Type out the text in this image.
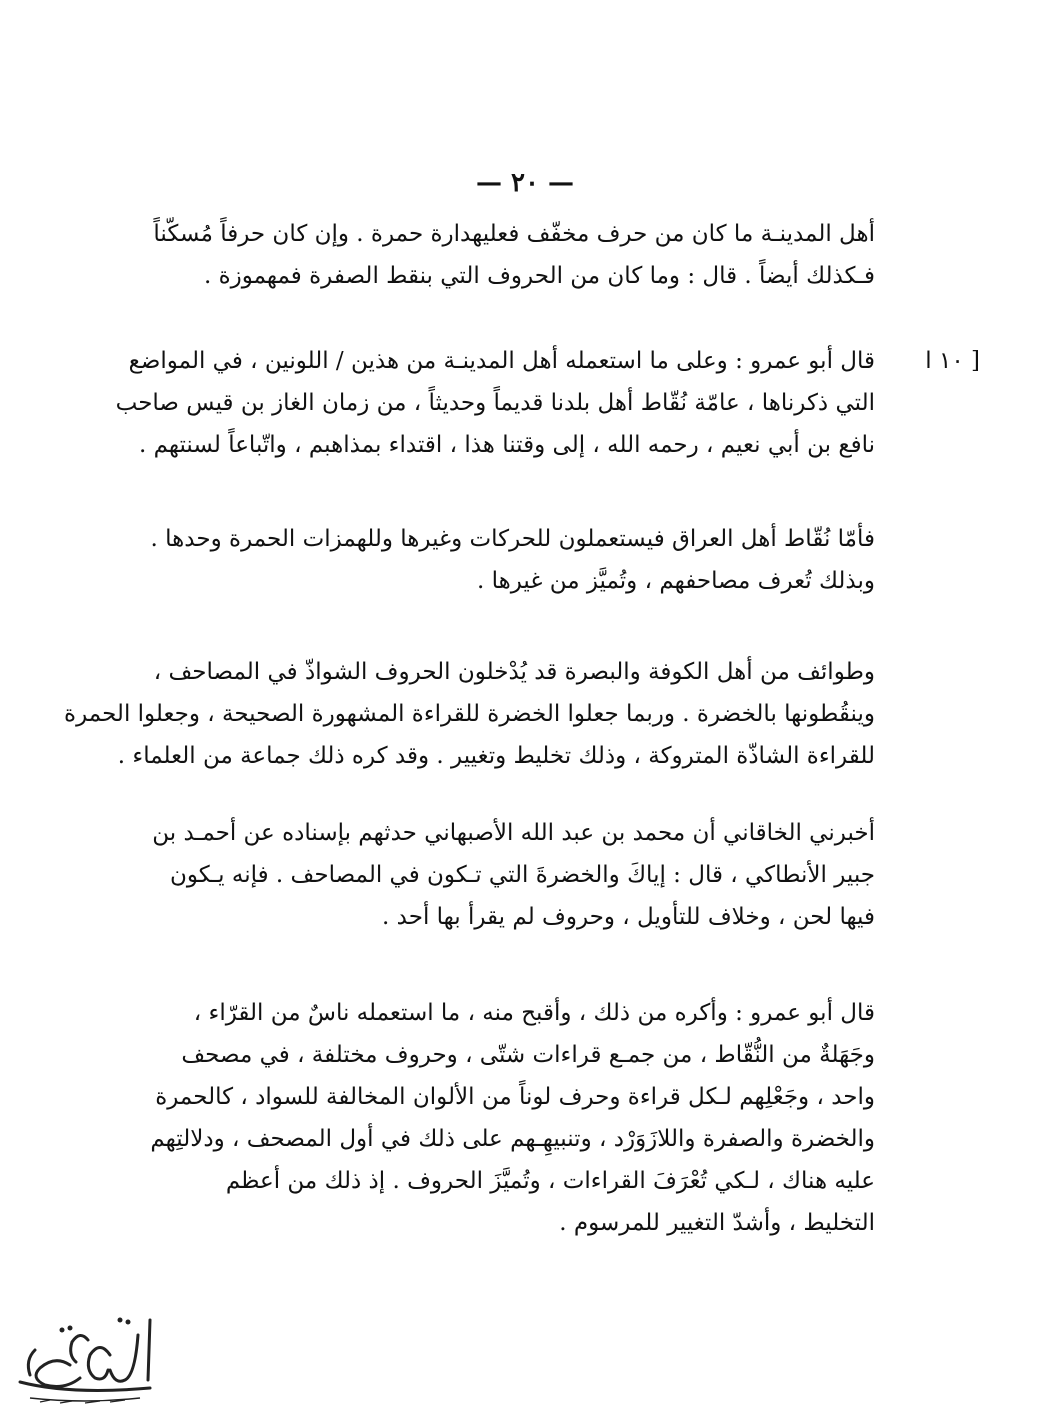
— ٢٠ —
[ ١٠ ا
أهل المدينـة ما كان من حرف مخفّف فعليهدارة حمرة . وإن كان حرفاً مُسكّناً
فـكذلك أيضاً . قال : وما كان من الحروف التي بنقط الصفرة فمهموزة .
قال أبو عمرو : وعلى ما استعمله أهل المدينـة من هذين / اللونين ، في المواضع
التي ذكرناها ، عامّة نُقّاط أهل بلدنا قديماً وحديثاً ، من زمان الغاز بن قيس صاحب
نافع بن أبي نعيم ، رحمه الله ، إلى وقتنا هذا ، اقتداء بمذاهبم ، واتّباعاً لسنتهم .
فأمّا نُقّاط أهل العراق فيستعملون للحركات وغيرها وللهمزات الحمرة وحدها .
وبذلك تُعرف مصاحفهم ، وتُميَّز من غيرها .
وطوائف من أهل الكوفة والبصرة قد يُدْخلون الحروف الشواذّ في المصاحف ،
وينقُطونها بالخضرة . وربما جعلوا الخضرة للقراءة المشهورة الصحيحة ، وجعلوا الحمرة
للقراءة الشاذّة المتروكة ، وذلك تخليط وتغيير . وقد كره ذلك جماعة من العلماء .
أخبرني الخاقاني أن محمد بن عبد الله الأصبهاني حدثهم بإسناده عن أحمـد بن
جبير الأنطاكي ، قال : إياكَ والخضرةَ التي تـكون في المصاحف . فإنه يـكون
فيها لحن ، وخلاف للتأويل ، وحروف لم يقرأ بها أحد .
قال أبو عمرو : وأكره من ذلك ، وأقبح منه ، ما استعمله ناسٌ من القرّاء ،
وجَهَلةٌ من النُّقّاط ، من جمـع قراءات شتّى ، وحروف مختلفة ، في مصحف
واحد ، وجَعْلِهم لـكل قراءة وحرف لوناً من الألوان المخالفة للسواد ، كالحمرة
والخضرة والصفرة واللازَوَرْد ، وتنبيهِـهم على ذلك في أول المصحف ، ودلالتِهم
عليه هناك ، لـكي تُعْرَفَ القراءات ، وتُميَّزَ الحروف . إذ ذلك من أعظم
التخليط ، وأشدّ التغيير للمرسوم .
